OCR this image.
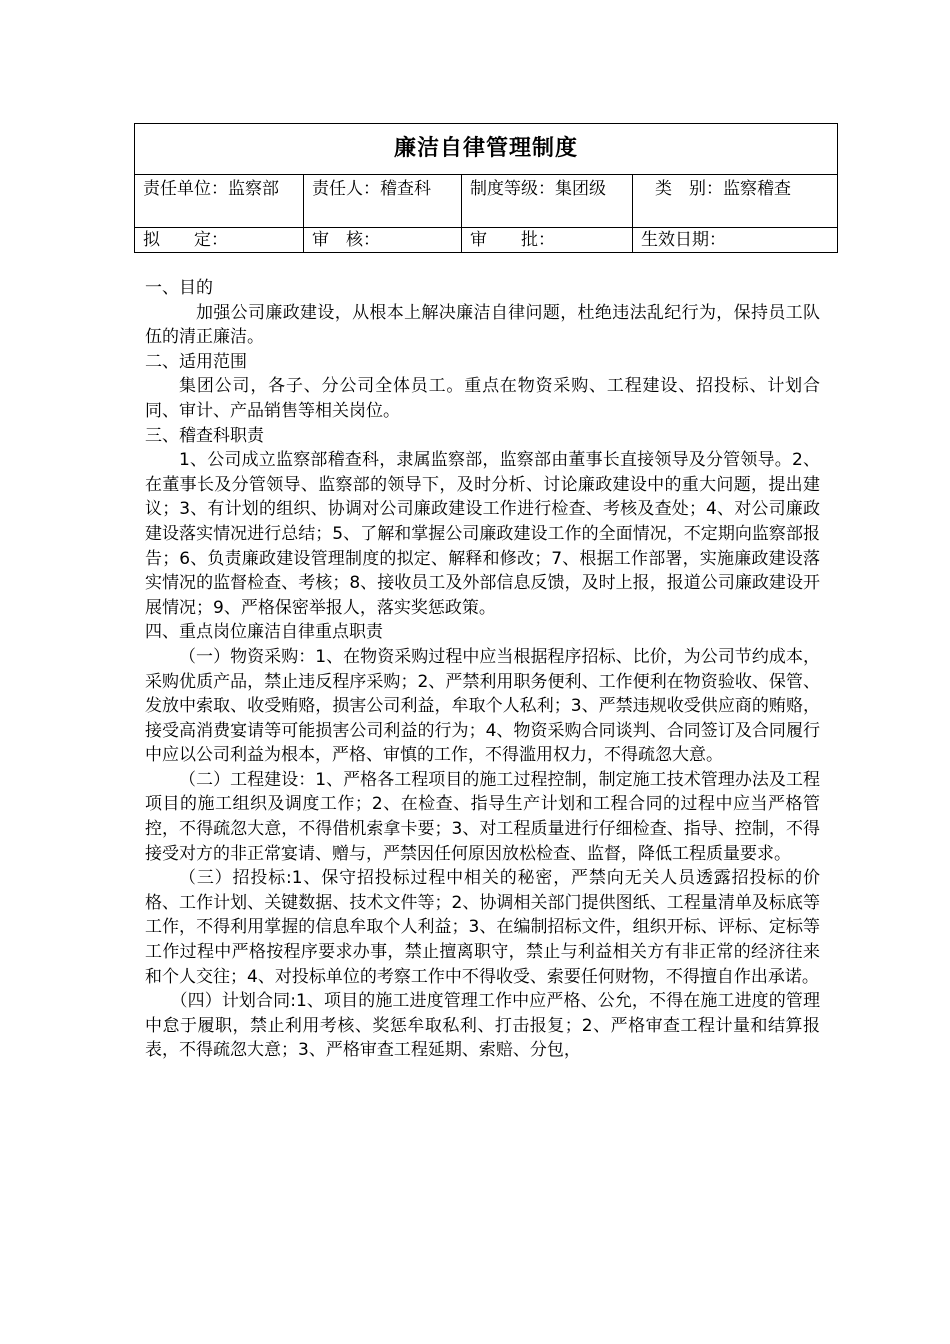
廉洁自律管理制度			
责任单位：监察部	责任人：稽查科	制度等级：集团级	类　别：监察稽查
拟　　定：	审　核：	审　　批：	生效日期：

一、目的

加强公司廉政建设，从根本上解决廉洁自律问题，杜绝违法乱纪行为，保持员工队伍的清正廉洁。

二、适用范围

集团公司，各子、分公司全体员工。重点在物资采购、工程建设、招投标、计划合同、审计、产品销售等相关岗位。

三、稽查科职责

1、公司成立监察部稽查科，隶属监察部，监察部由董事长直接领导及分管领导。2、在董事长及分管领导、监察部的领导下，及时分析、讨论廉政建设中的重大问题，提出建议；3、有计划的组织、协调对公司廉政建设工作进行检查、考核及查处；4、对公司廉政建设落实情况进行总结；5、了解和掌握公司廉政建设工作的全面情况，不定期向监察部报告；6、负责廉政建设管理制度的拟定、解释和修改；7、根据工作部署，实施廉政建设落实情况的监督检查、考核；8、接收员工及外部信息反馈，及时上报，报道公司廉政建设开展情况；9、严格保密举报人，落实奖惩政策。

四、重点岗位廉洁自律重点职责

（一）物资采购：1、在物资采购过程中应当根据程序招标、比价，为公司节约成本，采购优质产品，禁止违反程序采购；2、严禁利用职务便利、工作便利在物资验收、保管、发放中索取、收受贿赂，损害公司利益，牟取个人私利；3、严禁违规收受供应商的贿赂，接受高消费宴请等可能损害公司利益的行为；4、物资采购合同谈判、合同签订及合同履行中应以公司利益为根本，严格、审慎的工作，不得滥用权力，不得疏忽大意。

（二）工程建设：1、严格各工程项目的施工过程控制，制定施工技术管理办法及工程项目的施工组织及调度工作；2、在检查、指导生产计划和工程合同的过程中应当严格管控，不得疏忽大意，不得借机索拿卡要；3、对工程质量进行仔细检查、指导、控制，不得接受对方的非正常宴请、赠与，严禁因任何原因放松检查、监督，降低工程质量要求。

（三）招投标:1、保守招投标过程中相关的秘密，严禁向无关人员透露招投标的价格、工作计划、关键数据、技术文件等；2、协调相关部门提供图纸、工程量清单及标底等工作，不得利用掌握的信息牟取个人利益；3、在编制招标文件，组织开标、评标、定标等工作过程中严格按程序要求办事，禁止擅离职守，禁止与利益相关方有非正常的经济往来和个人交往；4、对投标单位的考察工作中不得收受、索要任何财物，不得擅自作出承诺。

（四）计划合同:1、项目的施工进度管理工作中应严格、公允，不得在施工进度的管理中怠于履职，禁止利用考核、奖惩牟取私利、打击报复；2、严格审查工程计量和结算报表，不得疏忽大意；3、严格审查工程延期、索赔、分包，
